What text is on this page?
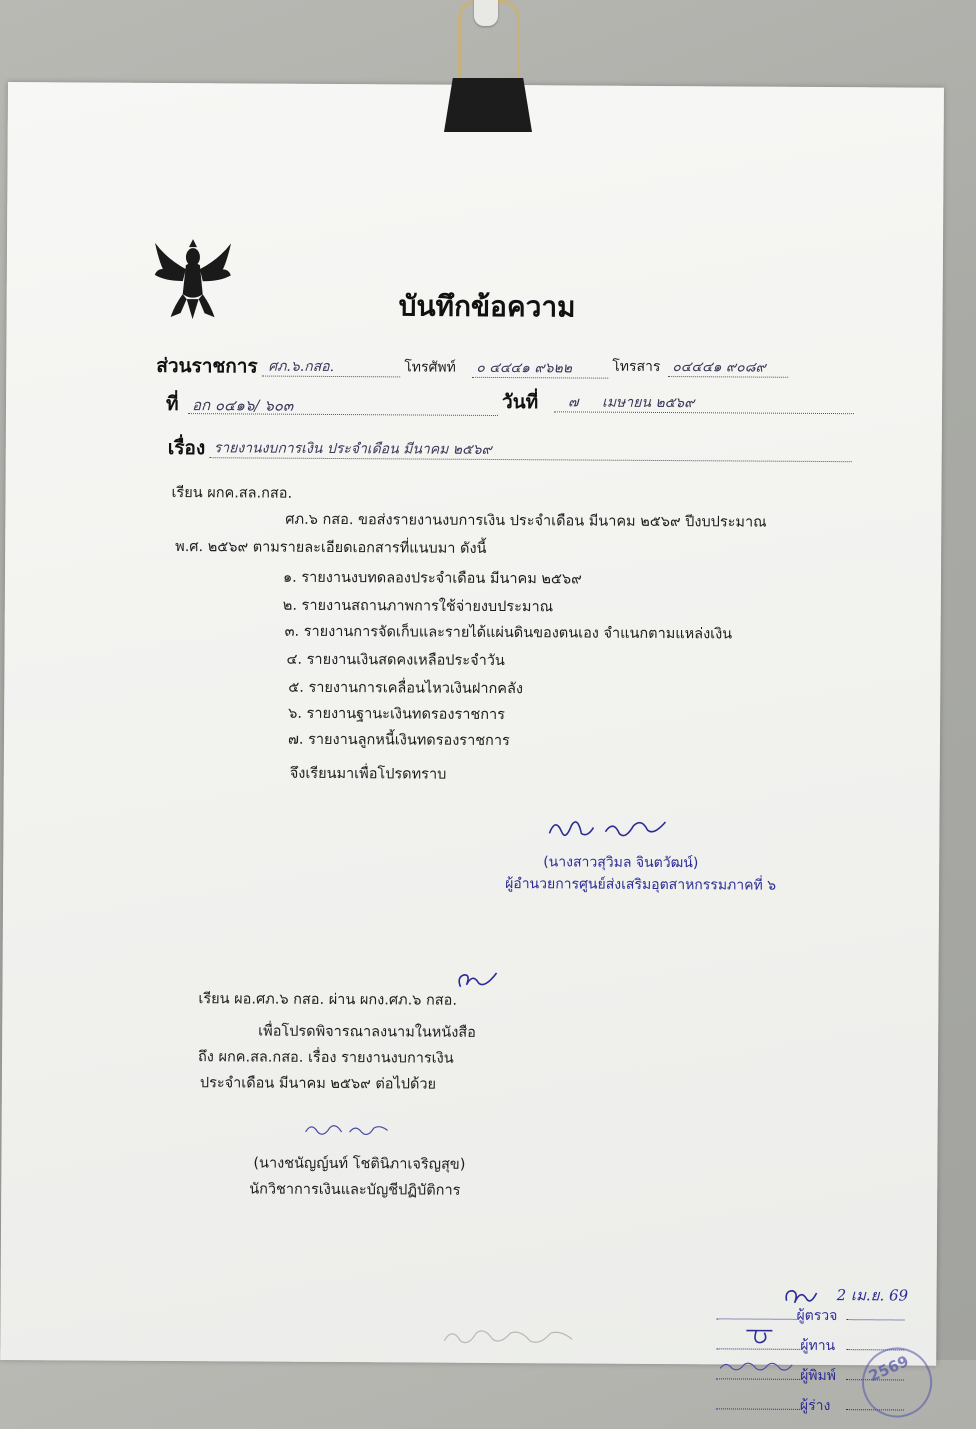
บันทึกข้อความ
ส่วนราชการ ศภ.๖.กสอ.	โทรศัพท์ ๐ ๔๔๔๑ ๙๖๒๒	โทรสาร ๐๔๔๔๑ ๙๐๘๙
ที่ อก ๐๔๑๖/ ๖๐๓	วันที่ ๗ เมษายน ๒๕๖๙
เรื่อง รายงานงบการเงิน ประจำเดือน มีนาคม ๒๕๖๙
เรียน ผกค.สล.กสอ.
ศภ.๖ กสอ. ขอส่งรายงานงบการเงิน ประจำเดือน มีนาคม ๒๕๖๙ ปีงบประมาณ
พ.ศ. ๒๕๖๙ ตามรายละเอียดเอกสารที่แนบมา ดังนี้
๑. รายงานงบทดลองประจำเดือน มีนาคม ๒๕๖๙
๒. รายงานสถานภาพการใช้จ่ายงบประมาณ
๓. รายงานการจัดเก็บและรายได้แผ่นดินของตนเอง จำแนกตามแหล่งเงิน
๔. รายงานเงินสดคงเหลือประจำวัน
๕. รายงานการเคลื่อนไหวเงินฝากคลัง
๖. รายงานฐานะเงินทดรองราชการ
๗. รายงานลูกหนี้เงินทดรองราชการ
จึงเรียนมาเพื่อโปรดทราบ
(นางสาวสุวิมล จินตวัฒน์)
ผู้อำนวยการศูนย์ส่งเสริมอุตสาหกรรมภาคที่ ๖
เรียน ผอ.ศภ.๖ กสอ. ผ่าน ผกง.ศภ.๖ กสอ.
เพื่อโปรดพิจารณาลงนามในหนังสือ
ถึง ผกค.สล.กสอ. เรื่อง รายงานงบการเงิน
ประจำเดือน มีนาคม ๒๕๖๙ ต่อไปด้วย
(นางชนัญญ์นท์ โชตินิภาเจริญสุข)
นักวิชาการเงินและบัญชีปฏิบัติการ
2 เม.ย. 69
ผู้ตรวจ
ผู้ทาน
ผู้พิมพ์
ผู้ร่าง
2569
